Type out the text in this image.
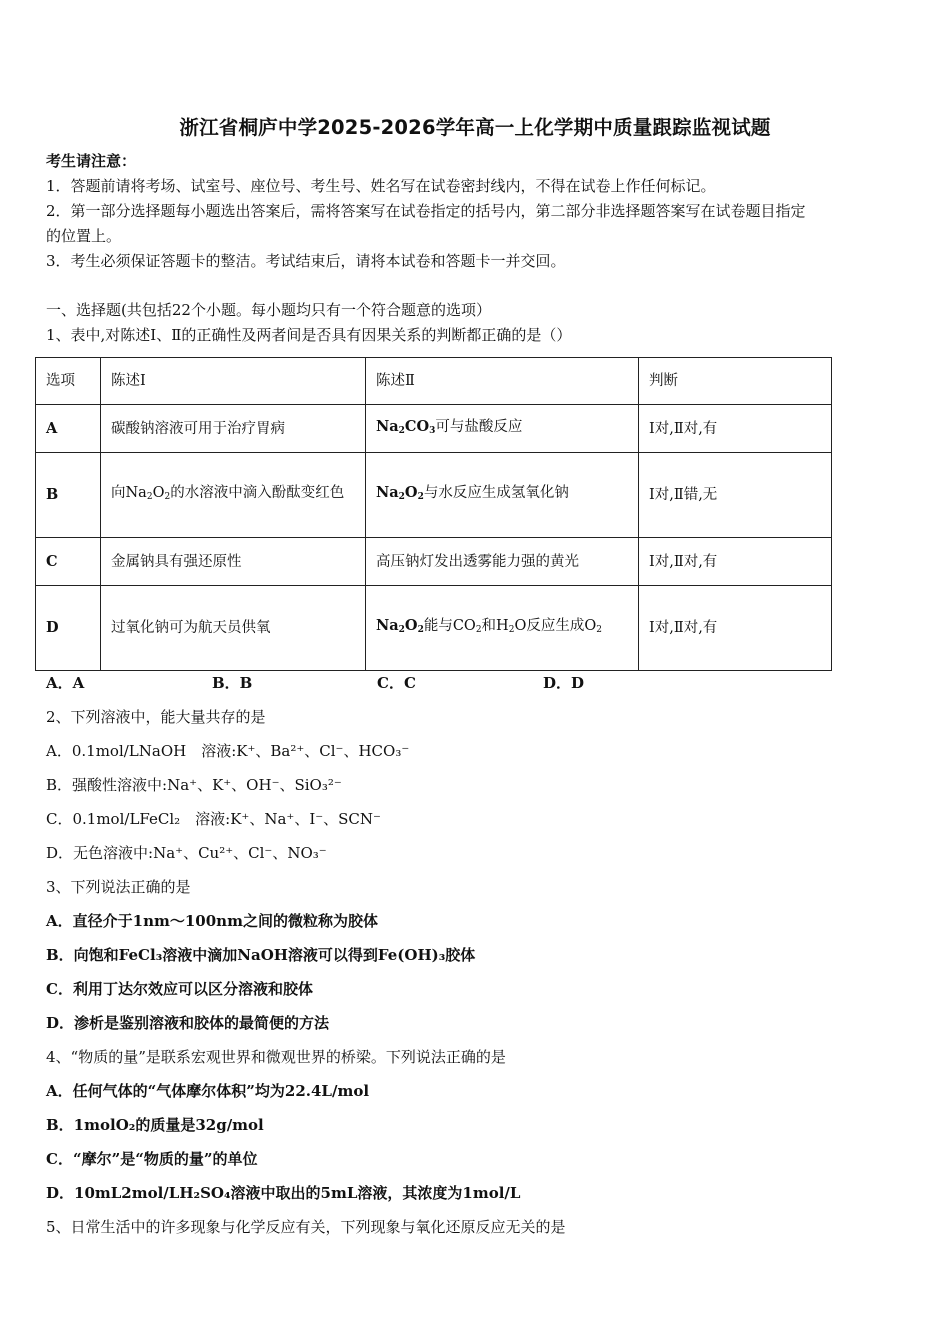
浙江省桐庐中学2025-2026学年高一上化学期中质量跟踪监视试题
考生请注意：
1．答题前请将考场、试室号、座位号、考生号、姓名写在试卷密封线内，不得在试卷上作任何标记。
2．第一部分选择题每小题选出答案后，需将答案写在试卷指定的括号内，第二部分非选择题答案写在试卷题目指定
的位置上。
3．考生必须保证答题卡的整洁。考试结束后，请将本试卷和答题卡一并交回。
一、选择题(共包括22个小题。每小题均只有一个符合题意的选项）
1、表中,对陈述Ⅰ、Ⅱ的正确性及两者间是否具有因果关系的判断都正确的是（）
选项	陈述Ⅰ	陈述Ⅱ	判断
A	碳酸钠溶液可用于治疗胃病	$Na_2CO_3$可与盐酸反应	Ⅰ对,Ⅱ对,有
B	向$Na_2O_2$的水溶液中滴入酚酞变红色	$Na_2O_2$与水反应生成氢氧化钠	Ⅰ对,Ⅱ错,无
C	金属钠具有强还原性	高压钠灯发出透雾能力强的黄光	Ⅰ对,Ⅱ对,有
D	过氧化钠可为航天员供氧	$Na_2O_2$能与$CO_2$和$H_2O$反应生成$O_2$	Ⅰ对,Ⅱ对,有
A．A	B．B	C．C	D．D
2、下列溶液中，能大量共存的是
A．0.1mol/LNaOH　溶液:K⁺、Ba²⁺、Cl⁻、HCO₃⁻
B．强酸性溶液中:Na⁺、K⁺、OH⁻、SiO₃²⁻
C．0.1mol/LFeCl₂　溶液:K⁺、Na⁺、I⁻、SCN⁻
D．无色溶液中:Na⁺、Cu²⁺、Cl⁻、NO₃⁻
3、下列说法正确的是
A．直径介于1nm～100nm之间的微粒称为胶体
B．向饱和FeCl₃溶液中滴加NaOH溶液可以得到Fe(OH)₃胶体
C．利用丁达尔效应可以区分溶液和胶体
D．渗析是鉴别溶液和胶体的最简便的方法
4、“物质的量”是联系宏观世界和微观世界的桥梁。下列说法正确的是
A．任何气体的“气体摩尔体积”均为22.4L/mol
B．1molO₂的质量是32g/mol
C．“摩尔”是“物质的量”的单位
D．10mL2mol/LH₂SO₄溶液中取出的5mL溶液，其浓度为1mol/L
5、日常生活中的许多现象与化学反应有关，下列现象与氧化还原反应无关的是
